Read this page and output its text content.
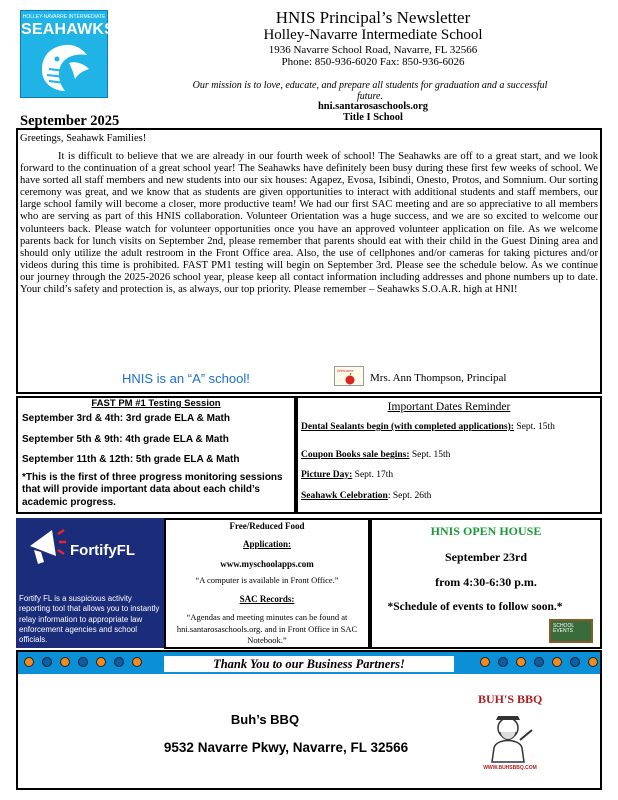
HOLLEY-NAVARRE INTERMEDIATE
SEAHAWKS
HNIS Principal’s Newsletter
Holley-Navarre Intermediate School
1936 Navarre School Road, Navarre, FL 32566
Phone: 850-936-6020 Fax: 850-936-6026
Our mission is to love, educate, and prepare all students for graduation and a successful future.
hni.santarosaschools.org
Title I School
September 2025
Greetings, Seahawk Families!

It is difficult to believe that we are already in our fourth week of school! The Seahawks are off to a great start, and we look forward to the continuation of a great school year! The Seahawks have definitely been busy during these first few weeks of school. We have sorted all staff members and new students into our six houses: Agapez, Evosa, Isibindi, Onesto, Protos, and Somnium. Our sorting ceremony was great, and we know that as students are given opportunities to interact with additional students and staff members, our large school family will become a closer, more productive team! We had our first SAC meeting and are so appreciative to all members who are serving as part of this HNIS collaboration. Volunteer Orientation was a huge success, and we are so excited to welcome our volunteers back. Please watch for volunteer opportunities once you have an approved volunteer application on file. As we welcome parents back for lunch visits on September 2nd, please remember that parents should eat with their child in the Guest Dining area and should only utilize the adult restroom in the Front Office area. Also, the use of cellphones and/or cameras for taking pictures and/or videos during this time is prohibited. FAST PM1 testing will begin on September 3rd. Please see the schedule below. As we continue our journey through the 2025-2026 school year, please keep all contact information including addresses and phone numbers up to date. Your child’s safety and protection is, as always, our top priority. Please remember – Seahawks S.O.A.R. high at HNI!

HNIS is an “A” school!
Welcome
Mrs. Ann Thompson, Principal
FAST PM #1 Testing Session
September 3rd & 4th: 3rd grade ELA & Math
September 5th & 9th: 4th grade ELA & Math
September 11th & 12th: 5th grade ELA & Math
*This is the first of three progress monitoring sessions that will provide important data about each child’s academic progress.
Important Dates Reminder
Dental Sealants begin (with completed applications): Sept. 15th
Coupon Books sale begins: Sept. 15th
Picture Day: Sept. 17th
Seahawk Celebration: Sept. 26th
FortifyFL
Fortify FL is a suspicious activity reporting tool that allows you to instantly relay information to appropriate law enforcement agencies and school officials.
Free/Reduced Food
Application:
www.myschoolapps.com
“A computer is available in Front Office.”
SAC Records:
“Agendas and meeting minutes can be found at hni.santarosaschools.org. and in Front Office in SAC Notebook.”
HNIS OPEN HOUSE
September 23rd
from 4:30-6:30 p.m.
*Schedule of events to follow soon.*
SCHOOL EVENTS
Thank You to our Business Partners!
Buh’s BBQ
9532 Navarre Pkwy, Navarre, FL 32566
BUH'S BBQ
WWW.BUHSBBQ.COM
